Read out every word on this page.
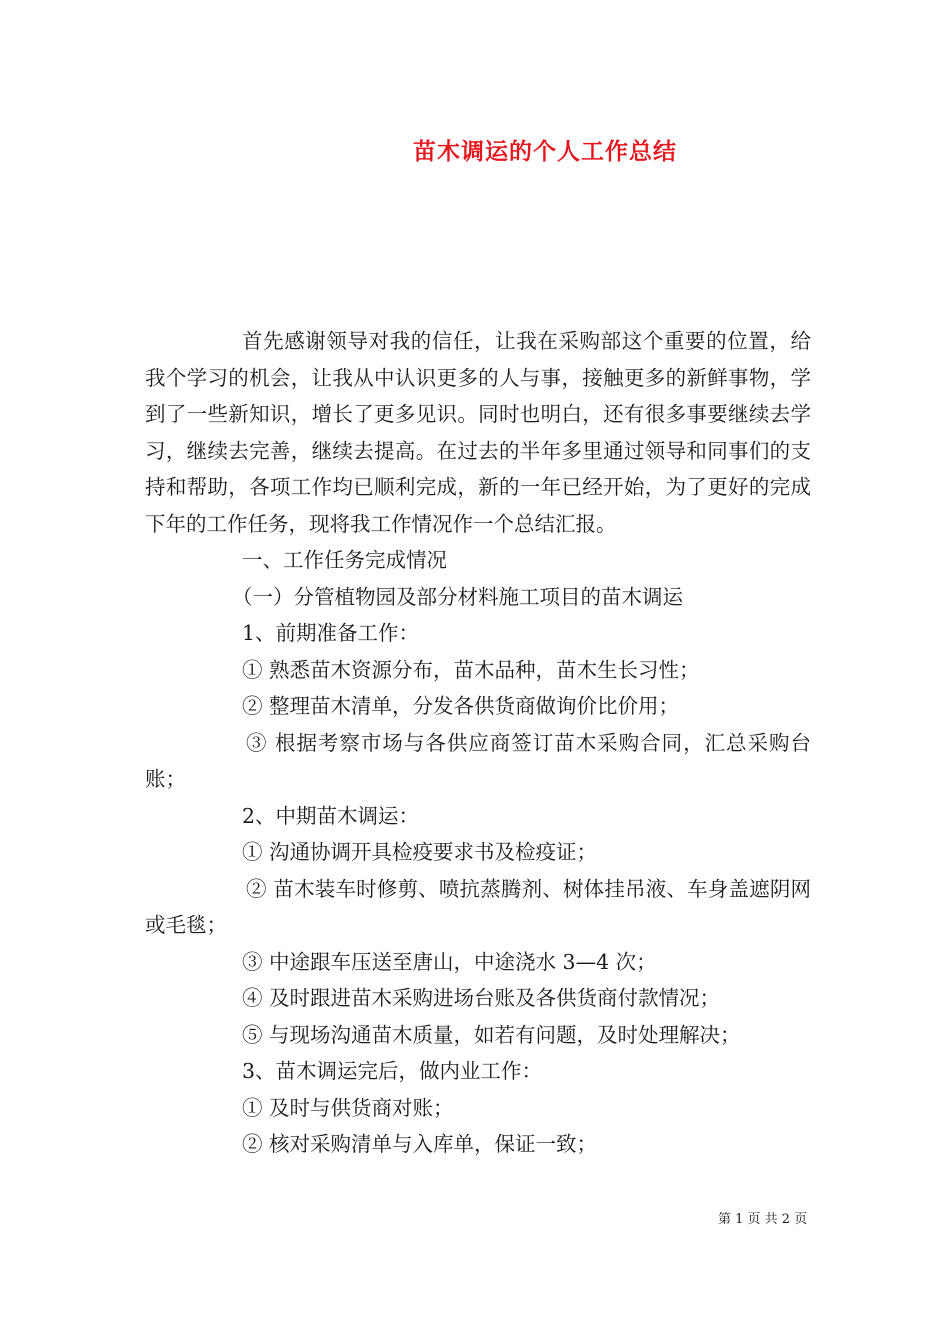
苗木调运的个人工作总结

首先感谢领导对我的信任，让我在采购部这个重要的位置，给我个学习的机会，让我从中认识更多的人与事，接触更多的新鲜事物，学到了一些新知识，增长了更多见识。同时也明白，还有很多事要继续去学习，继续去完善，继续去提高。在过去的半年多里通过领导和同事们的支持和帮助，各项工作均已顺利完成，新的一年已经开始，为了更好的完成下年的工作任务，现将我工作情况作一个总结汇报。

一、工作任务完成情况

（一）分管植物园及部分材料施工项目的苗木调运

1、前期准备工作：

① 熟悉苗木资源分布，苗木品种，苗木生长习性；

② 整理苗木清单，分发各供货商做询价比价用；

③ 根据考察市场与各供应商签订苗木采购合同，汇总采购台账；

2、中期苗木调运：

① 沟通协调开具检疫要求书及检疫证；

② 苗木装车时修剪、喷抗蒸腾剂、树体挂吊液、车身盖遮阴网或毛毯；

③ 中途跟车压送至唐山，中途浇水 3—4 次；

④ 及时跟进苗木采购进场台账及各供货商付款情况；

⑤ 与现场沟通苗木质量，如若有问题，及时处理解决；

3、苗木调运完后，做内业工作：

① 及时与供货商对账；

② 核对采购清单与入库单，保证一致；

第 1 页 共 2 页
